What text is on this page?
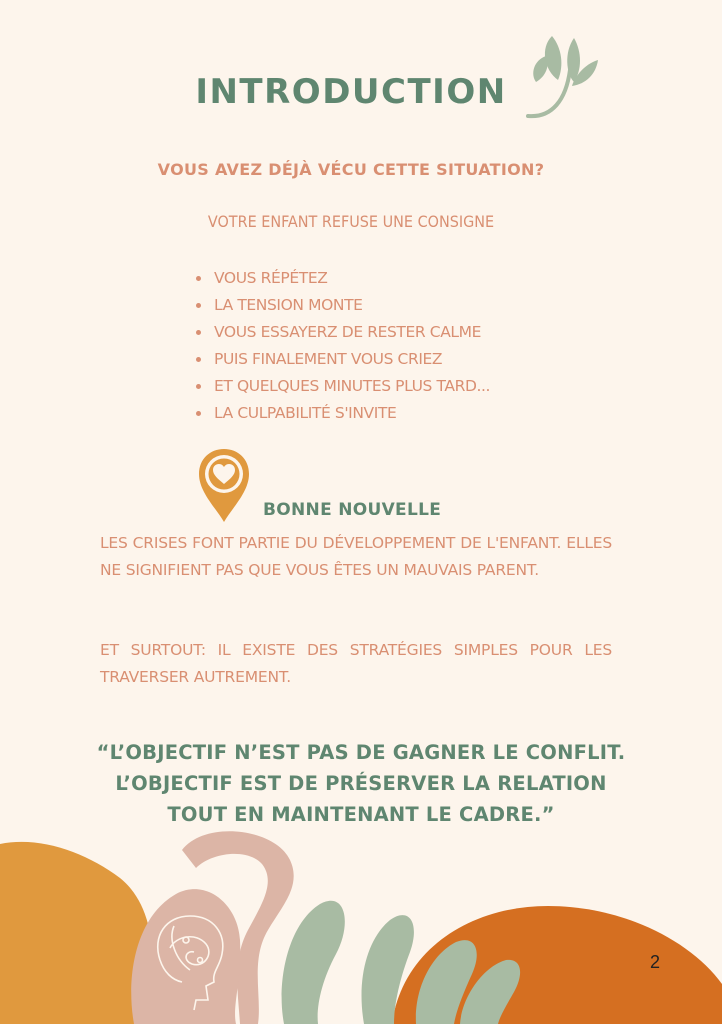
INTRODUCTION
VOUS AVEZ DÉJÀ VÉCU CETTE SITUATION?
VOTRE ENFANT REFUSE UNE CONSIGNE
VOUS RÉPÉTEZ
LA TENSION MONTE
VOUS ESSAYERZ DE RESTER CALME
PUIS FINALEMENT VOUS CRIEZ
ET QUELQUES MINUTES PLUS TARD...
LA CULPABILITÉ S'INVITE
BONNE NOUVELLE

LES CRISES FONT PARTIE DU DÉVELOPPEMENT DE L'ENFANT. ELLES NE SIGNIFIENT PAS QUE VOUS ÊTES UN MAUVAIS PARENT.

ET SURTOUT: IL EXISTE DES STRATÉGIES SIMPLES POUR LES TRAVERSER AUTREMENT.

“L’OBJECTIF N’EST PAS DE GAGNER LE CONFLIT.
L’OBJECTIF EST DE PRÉSERVER LA RELATION
TOUT EN MAINTENANT LE CADRE.”

2
